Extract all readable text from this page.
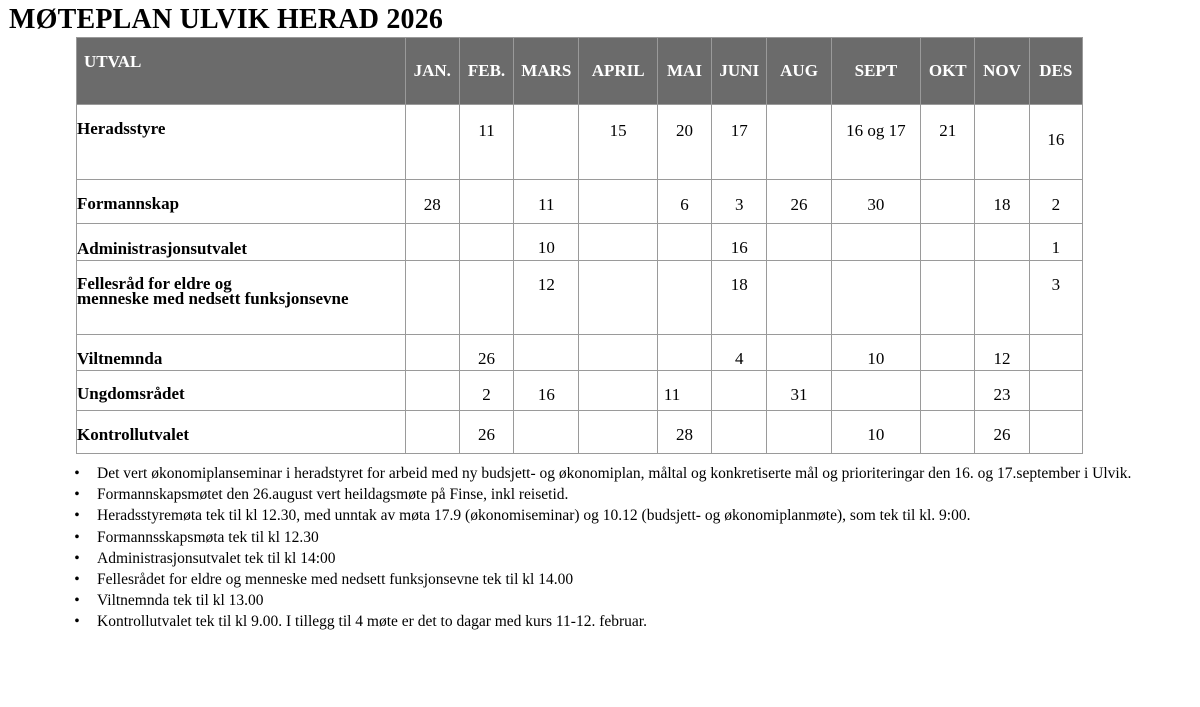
MØTEPLAN ULVIK HERAD 2026
UTVAL	JAN.	FEB.	MARS	APRIL	MAI	JUNI	AUG	SEPT	OKT	NOV	DES
Heradsstyre		11		15	20	17		16 og 17	21		16
Formannskap	28		11		6	3	26	30		18	2
Administrasjonsutvalet			10			16					1

Fellesråd for eldre og
menneske med nedsett funksjonsevne			12			18					3
Viltnemnda		26				4		10		12	
Ungdomsrådet		2	16		11		31			23	
Kontrollutvalet		26			28			10		26	
• Det vert økonomiplanseminar i heradstyret for arbeid med ny budsjett- og økonomiplan, måltal og konkretiserte mål og prioriteringar den 16. og 17.september i Ulvik.
• Formannskapsmøtet den 26.august vert heildagsmøte på Finse, inkl reisetid.
• Heradsstyremøta tek til kl 12.30, med unntak av møta 17.9 (økonomiseminar) og 10.12 (budsjett- og økonomiplanmøte), som tek til kl. 9:00.
• Formannsskapsmøta tek til kl 12.30
• Administrasjonsutvalet tek til kl 14:00
• Fellesrådet for eldre og menneske med nedsett funksjonsevne tek til kl 14.00
• Viltnemnda tek til kl 13.00
• Kontrollutvalet tek til kl 9.00. I tillegg til 4 møte er det to dagar med kurs 11-12. februar.
